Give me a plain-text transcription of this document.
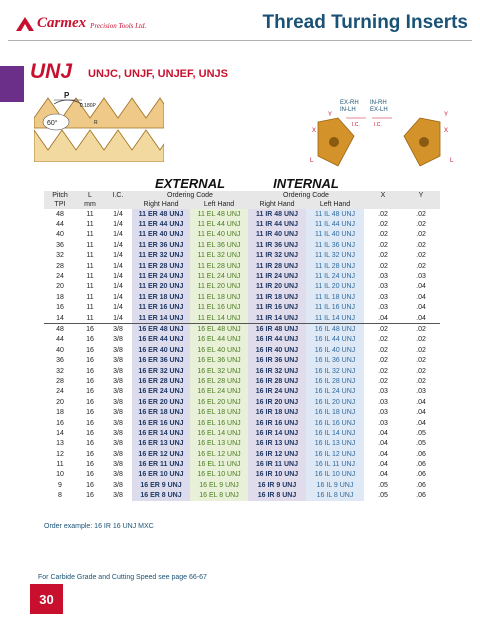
Carmex Precision Tools Ltd.	Thread Turning Inserts
UNJ UNJC, UNJF, UNJEF, UNJS
P
0.180P
60°	R
EX-RH
IN-LH
IN-RH
EX-LH
X
Y
L
I.C.	I.C.
X
Y
L
			EXTERNAL		INTERNAL			
Pitch	L	I.C.	Ordering Code		Ordering Code		X	Y
TPI	mm		Right Hand	Left Hand	Right Hand	Left Hand		
48	11	1/4	11 ER 48 UNJ	11 EL 48 UNJ	11 IR 48 UNJ	11 IL 48 UNJ	.02	.02
44	11	1/4	11 ER 44 UNJ	11 EL 44 UNJ	11 IR 44 UNJ	11 IL 44 UNJ	.02	.02
40	11	1/4	11 ER 40 UNJ	11 EL 40 UNJ	11 IR 40 UNJ	11 IL 40 UNJ	.02	.02
36	11	1/4	11 ER 36 UNJ	11 EL 36 UNJ	11 IR 36 UNJ	11 IL 36 UNJ	.02	.02
32	11	1/4	11 ER 32 UNJ	11 EL 32 UNJ	11 IR 32 UNJ	11 IL 32 UNJ	.02	.02
28	11	1/4	11 ER 28 UNJ	11 EL 28 UNJ	11 IR 28 UNJ	11 IL 28 UNJ	.02	.02
24	11	1/4	11 ER 24 UNJ	11 EL 24 UNJ	11 IR 24 UNJ	11 IL 24 UNJ	.03	.03
20	11	1/4	11 ER 20 UNJ	11 EL 20 UNJ	11 IR 20 UNJ	11 IL 20 UNJ	.03	.04
18	11	1/4	11 ER 18 UNJ	11 EL 18 UNJ	11 IR 18 UNJ	11 IL 18 UNJ	.03	.04
16	11	1/4	11 ER 16 UNJ	11 EL 16 UNJ	11 IR 16 UNJ	11 IL 16 UNJ	.03	.04
14	11	1/4	11 ER 14 UNJ	11 EL 14 UNJ	11 IR 14 UNJ	11 IL 14 UNJ	.04	.04
48	16	3/8	16 ER 48 UNJ	16 EL 48 UNJ	16 IR 48 UNJ	16 IL 48 UNJ	.02	.02
44	16	3/8	16 ER 44 UNJ	16 EL 44 UNJ	16 IR 44 UNJ	16 IL 44 UNJ	.02	.02
40	16	3/8	16 ER 40 UNJ	16 EL 40 UNJ	16 IR 40 UNJ	16 IL 40 UNJ	.02	.02
36	16	3/8	16 ER 36 UNJ	16 EL 36 UNJ	16 IR 36 UNJ	16 IL 36 UNJ	.02	.02
32	16	3/8	16 ER 32 UNJ	16 EL 32 UNJ	16 IR 32 UNJ	16 IL 32 UNJ	.02	.02
28	16	3/8	16 ER 28 UNJ	16 EL 28 UNJ	16 IR 28 UNJ	16 IL 28 UNJ	.02	.02
24	16	3/8	16 ER 24 UNJ	16 EL 24 UNJ	16 IR 24 UNJ	16 IL 24 UNJ	.03	.03
20	16	3/8	16 ER 20 UNJ	16 EL 20 UNJ	16 IR 20 UNJ	16 IL 20 UNJ	.03	.04
18	16	3/8	16 ER 18 UNJ	16 EL 18 UNJ	16 IR 18 UNJ	16 IL 18 UNJ	.03	.04
16	16	3/8	16 ER 16 UNJ	16 EL 16 UNJ	16 IR 16 UNJ	16 IL 16 UNJ	.03	.04
14	16	3/8	16 ER 14 UNJ	16 EL 14 UNJ	16 IR 14 UNJ	16 IL 14 UNJ	.04	.05
13	16	3/8	16 ER 13 UNJ	16 EL 13 UNJ	16 IR 13 UNJ	16 IL 13 UNJ	.04	.05
12	16	3/8	16 ER 12 UNJ	16 EL 12 UNJ	16 IR 12 UNJ	16 IL 12 UNJ	.04	.06
11	16	3/8	16 ER 11 UNJ	16 EL 11 UNJ	16 IR 11 UNJ	16 IL 11 UNJ	.04	.06
10	16	3/8	16 ER 10 UNJ	16 EL 10 UNJ	16 IR 10 UNJ	16 IL 10 UNJ	.04	.06
9	16	3/8	16 ER 9 UNJ	16 EL 9 UNJ	16 IR 9 UNJ	16 IL 9 UNJ	.05	.06
8	16	3/8	16 ER 8 UNJ	16 EL 8 UNJ	16 IR 8 UNJ	16 IL 8 UNJ	.05	.06
Order example: 16 IR 16 UNJ MXC
For Carbide Grade and Cutting Speed see page 66-67
30
